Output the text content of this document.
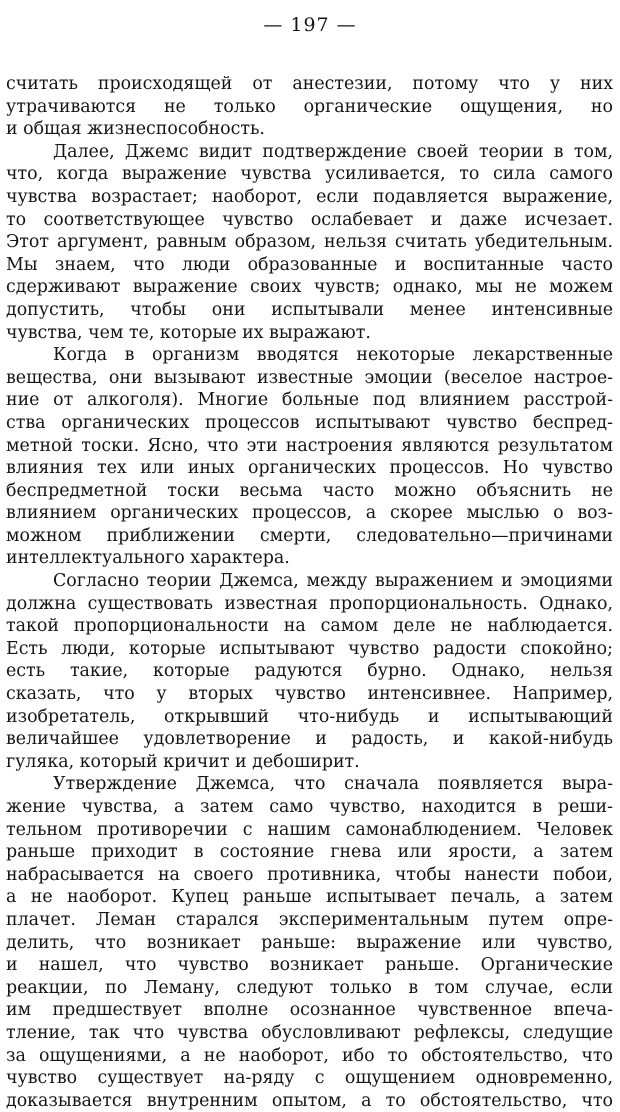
— 197 —
считать происходящей от анестезии, потому что у них
утрачиваются не только органические ощущения, но
и общая жизнеспособность.
Далее, Джемс видит подтверждение своей теории в том,
что, когда выражение чувства усиливается, то сила самого
чувства возрастает; наоборот, если подавляется выражение,
то соответствующее чувство ослабевает и даже исчезает.
Этот аргумент, равным образом, нельзя считать убедительным.
Мы знаем, что люди образованные и воспитанные часто
сдерживают выражение своих чувств; однако, мы не можем
допустить, чтобы они испытывали менее интенсивные
чувства, чем те, которые их выражают.
Когда в организм вводятся некоторые лекарственные
вещества, они вызывают известные эмоции (веселое настрое-
ние от алкоголя). Многие больные под влиянием расстрой-
ства органических процессов испытывают чувство беспред-
метной тоски. Ясно, что эти настроения являются результатом
влияния тех или иных органических процессов. Но чувство
беспредметной тоски весьма часто можно объяснить не
влиянием органических процессов, а скорее мыслью о воз-
можном приближении смерти, следовательно—причинами
интеллектуального характера.
Согласно теории Джемса, между выражением и эмоциями
должна существовать известная пропорциональность. Однако,
такой пропорциональности на самом деле не наблюдается.
Есть люди, которые испытывают чувство радости спокойно;
есть такие, которые радуются бурно. Однако, нельзя
сказать, что у вторых чувство интенсивнее. Например,
изобретатель, открывший что-нибудь и испытывающий
величайшее удовлетворение и радость, и какой-нибудь
гуляка, который кричит и дебоширит.
Утверждение Джемса, что сначала появляется выра-
жение чувства, а затем само чувство, находится в реши-
тельном противоречии с нашим самонаблюдением. Человек
раньше приходит в состояние гнева или ярости, а затем
набрасывается на своего противника, чтобы нанести побои,
а не наоборот. Купец раньше испытывает печаль, а затем
плачет. Леман старался экспериментальным путем опре-
делить, что возникает раньше: выражение или чувство,
и нашел, что чувство возникает раньше. Органические
реакции, по Леману, следуют только в том случае, если
им предшествует вполне осознанное чувственное впеча-
тление, так что чувства обусловливают рефлексы, следущие
за ощущениями, а не наоборот, ибо то обстоятельство, что
чувство существует на-ряду с ощущением одновременно,
доказывается внутренним опытом, а то обстоятельство, что
